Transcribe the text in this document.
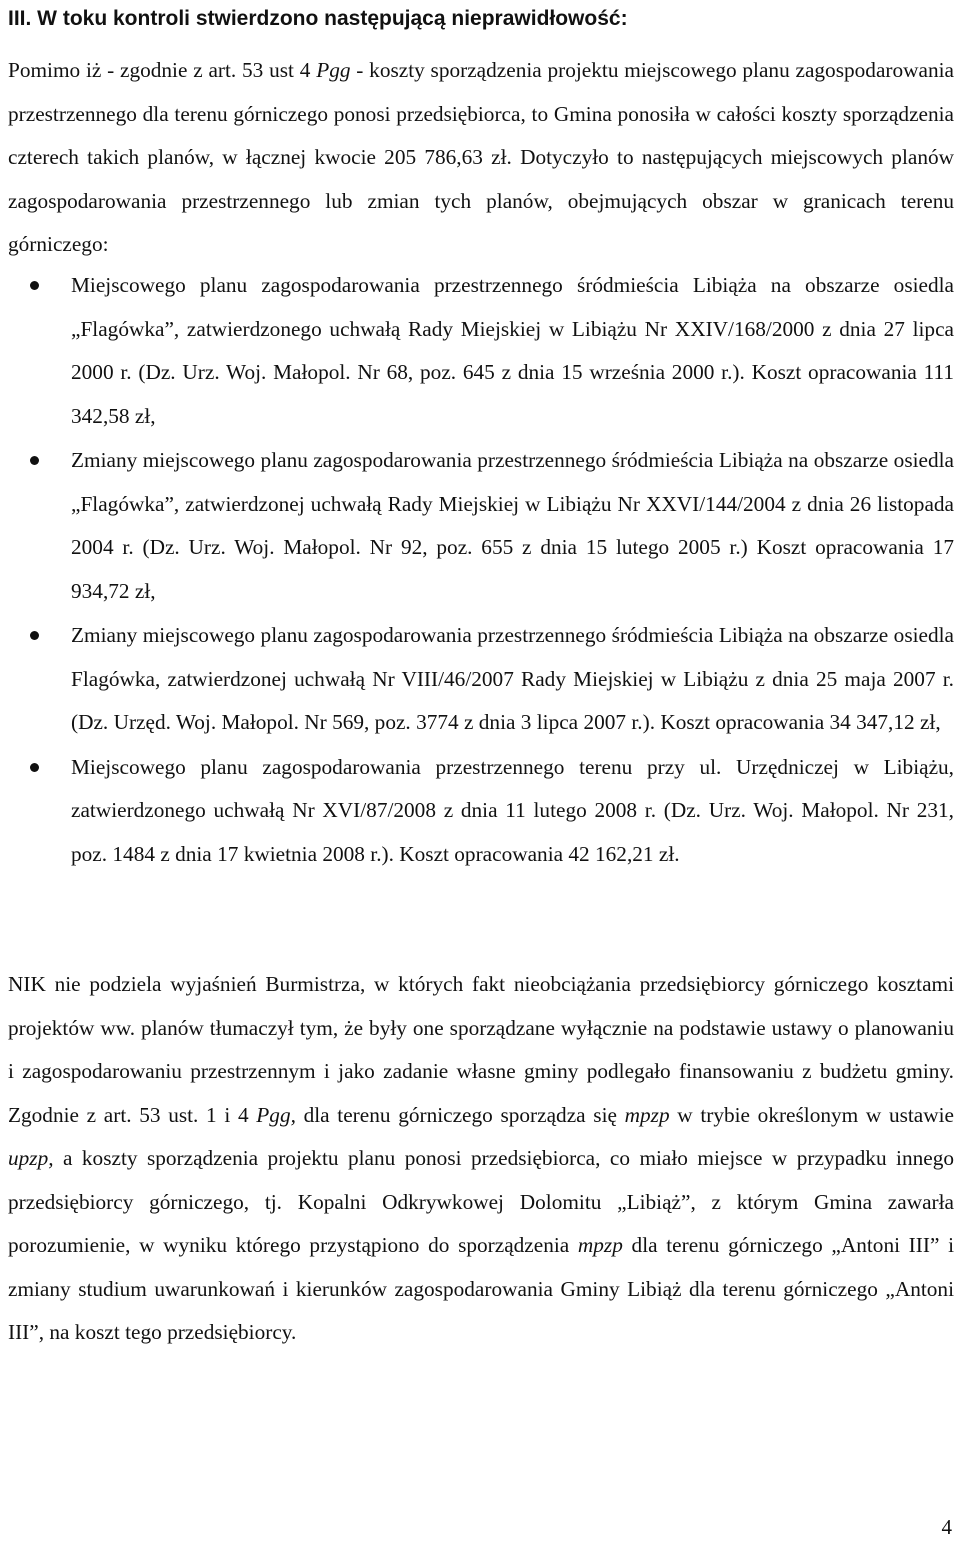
III. W toku kontroli stwierdzono następującą nieprawidłowość:
Pomimo iż - zgodnie z art. 53 ust 4 Pgg - koszty sporządzenia projektu miejscowego planu zagospodarowania przestrzennego dla terenu górniczego ponosi przedsiębiorca, to Gmina ponosiła w całości koszty sporządzenia czterech takich planów, w łącznej kwocie 205 786,63 zł. Dotyczyło to następujących miejscowych planów zagospodarowania przestrzennego lub zmian tych planów, obejmujących obszar w granicach terenu górniczego:
Miejscowego planu zagospodarowania przestrzennego śródmieścia Libiąża na obszarze osiedla „Flagówka”, zatwierdzonego uchwałą Rady Miejskiej w Libiążu Nr XXIV/168/2000 z dnia 27 lipca 2000 r. (Dz. Urz. Woj. Małopol. Nr 68, poz. 645 z dnia 15 września 2000 r.). Koszt opracowania 111 342,58 zł,
Zmiany miejscowego planu zagospodarowania przestrzennego śródmieścia Libiąża na obszarze osiedla „Flagówka”, zatwierdzonej uchwałą Rady Miejskiej w Libiążu Nr XXVI/144/2004 z dnia 26 listopada 2004 r. (Dz. Urz. Woj. Małopol. Nr 92, poz. 655 z dnia 15 lutego 2005 r.) Koszt opracowania 17 934,72 zł,
Zmiany miejscowego planu zagospodarowania przestrzennego śródmieścia Libiąża na obszarze osiedla Flagówka, zatwierdzonej uchwałą Nr VIII/46/2007 Rady Miejskiej w Libiążu z dnia 25 maja 2007 r. (Dz. Urzęd. Woj. Małopol. Nr 569, poz. 3774 z dnia 3 lipca 2007 r.). Koszt opracowania 34 347,12 zł,
Miejscowego planu zagospodarowania przestrzennego terenu przy ul. Urzędniczej w Libiążu, zatwierdzonego uchwałą Nr XVI/87/2008 z dnia 11 lutego 2008 r. (Dz. Urz. Woj. Małopol. Nr 231, poz. 1484 z dnia 17 kwietnia 2008 r.). Koszt opracowania 42 162,21 zł.
NIK nie podziela wyjaśnień Burmistrza, w których fakt nieobciążania przedsiębiorcy górniczego kosztami projektów ww. planów tłumaczył tym, że były one sporządzane wyłącznie na podstawie ustawy o planowaniu i zagospodarowaniu przestrzennym i jako zadanie własne gminy podlegało finansowaniu z budżetu gminy. Zgodnie z art. 53 ust. 1 i 4 Pgg, dla terenu górniczego sporządza się mpzp w trybie określonym w ustawie upzp, a koszty sporządzenia projektu planu ponosi przedsiębiorca, co miało miejsce w przypadku innego przedsiębiorcy górniczego, tj. Kopalni Odkrywkowej Dolomitu „Libiąż”, z którym Gmina zawarła porozumienie, w wyniku którego przystąpiono do sporządzenia mpzp dla terenu górniczego „Antoni III” i zmiany studium uwarunkowań i kierunków zagospodarowania Gminy Libiąż dla terenu górniczego „Antoni III”, na koszt tego przedsiębiorcy.
4
